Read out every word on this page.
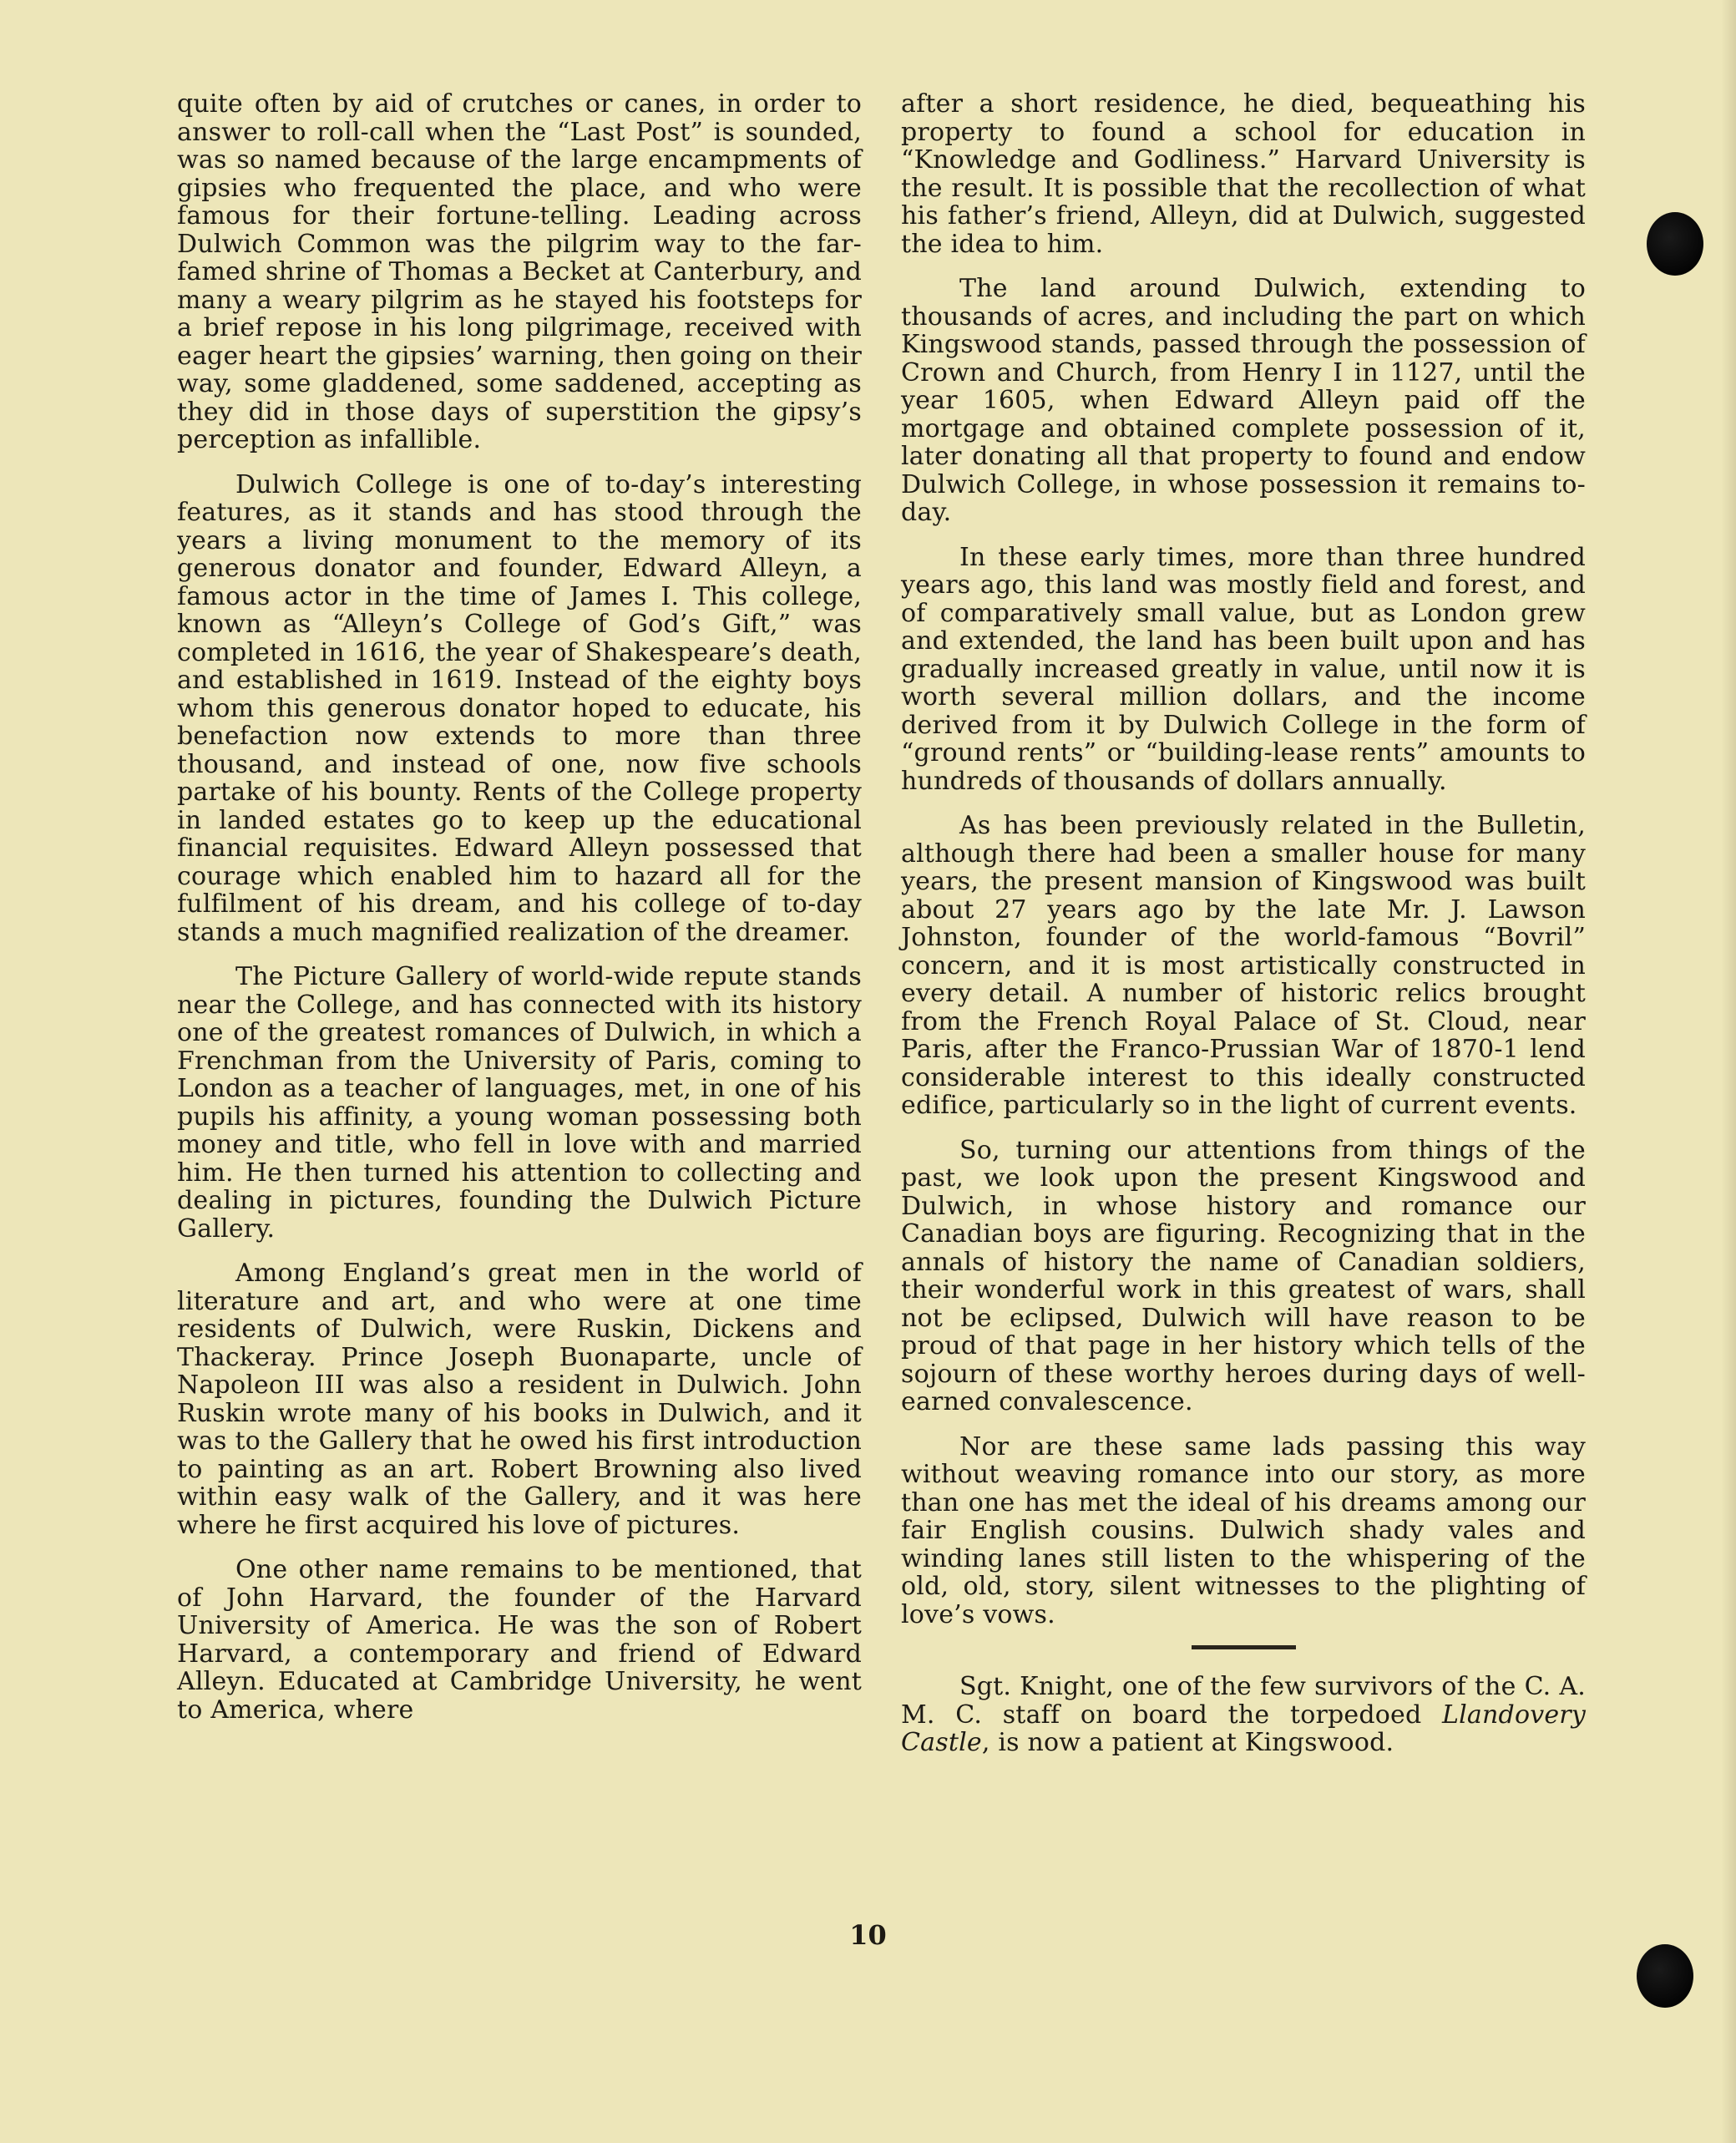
quite often by aid of crutches or canes, in order to answer to roll-call when the “Last Post” is sounded, was so named because of the large encampments of gipsies who frequented the place, and who were famous for their fortune-telling. Leading across Dulwich Common was the pilgrim way to the far-famed shrine of Thomas a Becket at Canterbury, and many a weary pilgrim as he stayed his footsteps for a brief repose in his long pilgrimage, received with eager heart the gipsies’ warning, then going on their way, some gladdened, some saddened, accepting as they did in those days of superstition the gipsy’s perception as infallible.

Dulwich College is one of to-day’s interesting features, as it stands and has stood through the years a living monument to the memory of its generous donator and founder, Edward Alleyn, a famous actor in the time of James I. This college, known as “Alleyn’s College of God’s Gift,” was completed in 1616, the year of Shakespeare’s death, and established in 1619. Instead of the eighty boys whom this generous donator hoped to educate, his benefaction now extends to more than three thousand, and instead of one, now five schools partake of his bounty. Rents of the College property in landed estates go to keep up the educational financial requisites. Edward Alleyn possessed that courage which enabled him to hazard all for the fulfilment of his dream, and his college of to-day stands a much magnified realization of the dreamer.

The Picture Gallery of world-wide repute stands near the College, and has connected with its history one of the greatest romances of Dulwich, in which a Frenchman from the University of Paris, coming to London as a teacher of languages, met, in one of his pupils his affinity, a young woman possessing both money and title, who fell in love with and married him. He then turned his attention to collecting and dealing in pictures, founding the Dulwich Picture Gallery.

Among England’s great men in the world of literature and art, and who were at one time residents of Dulwich, were Ruskin, Dickens and Thackeray. Prince Joseph Buonaparte, uncle of Napoleon III was also a resident in Dulwich. John Ruskin wrote many of his books in Dulwich, and it was to the Gallery that he owed his first introduction to painting as an art. Robert Browning also lived within easy walk of the Gallery, and it was here where he first acquired his love of pictures.

One other name remains to be mentioned, that of John Harvard, the founder of the Harvard University of America. He was the son of Robert Harvard, a contemporary and friend of Edward Alleyn. Educated at Cambridge University, he went to America, where

after a short residence, he died, bequeathing his property to found a school for education in “Knowledge and Godliness.” Harvard University is the result. It is possible that the recollection of what his father’s friend, Alleyn, did at Dulwich, suggested the idea to him.

The land around Dulwich, extending to thousands of acres, and including the part on which Kingswood stands, passed through the possession of Crown and Church, from Henry I in 1127, until the year 1605, when Edward Alleyn paid off the mortgage and obtained complete possession of it, later donating all that property to found and endow Dulwich College, in whose possession it remains to-day.

In these early times, more than three hundred years ago, this land was mostly field and forest, and of comparatively small value, but as London grew and extended, the land has been built upon and has gradually increased greatly in value, until now it is worth several million dollars, and the income derived from it by Dulwich College in the form of “ground rents” or “building-lease rents” amounts to hundreds of thousands of dollars annually.

As has been previously related in the Bulletin, although there had been a smaller house for many years, the present mansion of Kingswood was built about 27 years ago by the late Mr. J. Lawson Johnston, founder of the world-famous “Bovril” concern, and it is most artistically constructed in every detail. A number of historic relics brought from the French Royal Palace of St. Cloud, near Paris, after the Franco-Prussian War of 1870-1 lend considerable interest to this ideally constructed edifice, particularly so in the light of current events.

So, turning our attentions from things of the past, we look upon the present Kingswood and Dulwich, in whose history and romance our Canadian boys are figuring. Recognizing that in the annals of history the name of Canadian soldiers, their wonderful work in this greatest of wars, shall not be eclipsed, Dulwich will have reason to be proud of that page in her history which tells of the sojourn of these worthy heroes during days of well-earned convalescence.

Nor are these same lads passing this way without weaving romance into our story, as more than one has met the ideal of his dreams among our fair English cousins. Dulwich shady vales and winding lanes still listen to the whispering of the old, old, story, silent witnesses to the plighting of love’s vows.

Sgt. Knight, one of the few survivors of the C. A. M. C. staff on board the torpedoed Llandovery Castle, is now a patient at Kingswood.

10
